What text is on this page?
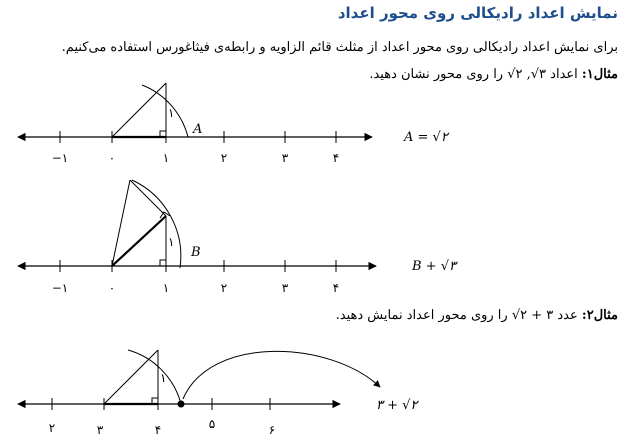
نمایش اعداد رادیکالی روی محور اعداد
برای نمایش اعداد رادیکالی روی محور اعداد از مثلث قائم الزاویه و رابطه‌ی فیثاغورس استفاده می‌کنیم.
مثال۱: اعداد √۲ ,√۳ را روی محور نشان دهید.
مثال۲: عدد √۲ + ۳ را روی محور اعداد نمایش دهید.
−۱	۰	۱	۲	۳	۴
۱
A
A = √۲
−۱	۰	۱	۲	۳	۴
۱
B
B + √۳
۲	۳	۴	۵	۶
۱
۳ + √۲
